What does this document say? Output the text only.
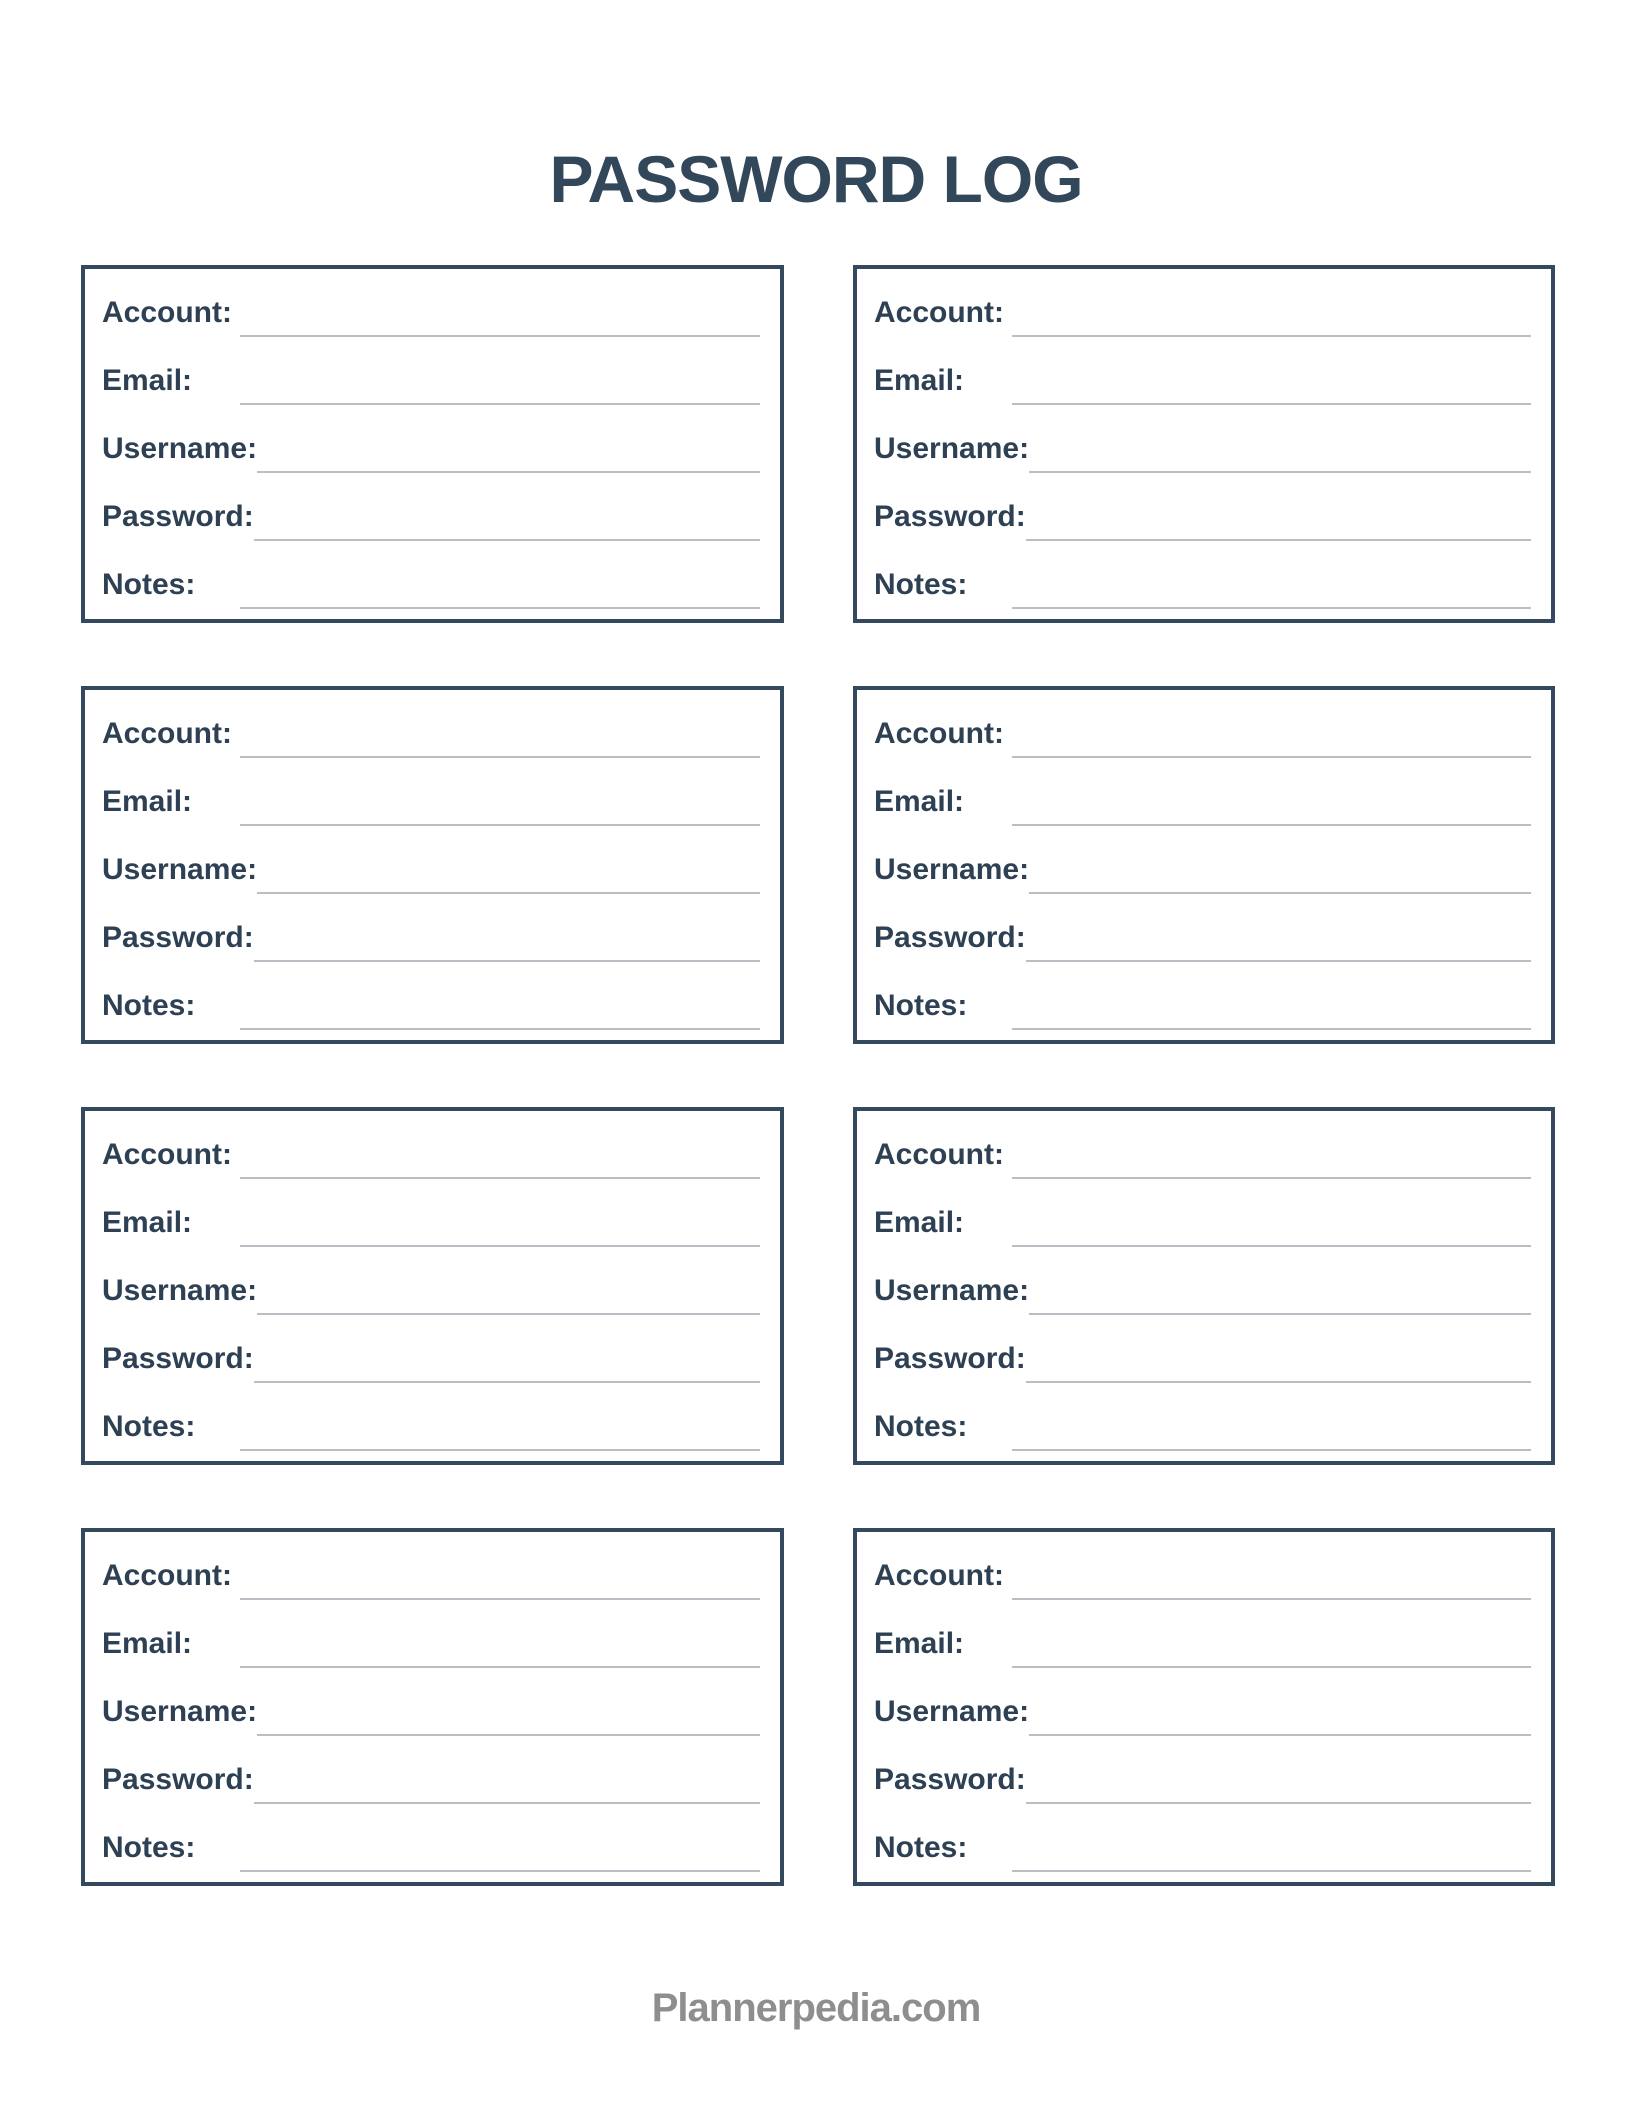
PASSWORD LOG
Account:
Email:
Username:
Password:
Notes:
Account:
Email:
Username:
Password:
Notes:
Account:
Email:
Username:
Password:
Notes:
Account:
Email:
Username:
Password:
Notes:
Account:
Email:
Username:
Password:
Notes:
Account:
Email:
Username:
Password:
Notes:
Account:
Email:
Username:
Password:
Notes:
Account:
Email:
Username:
Password:
Notes:
Plannerpedia.com
